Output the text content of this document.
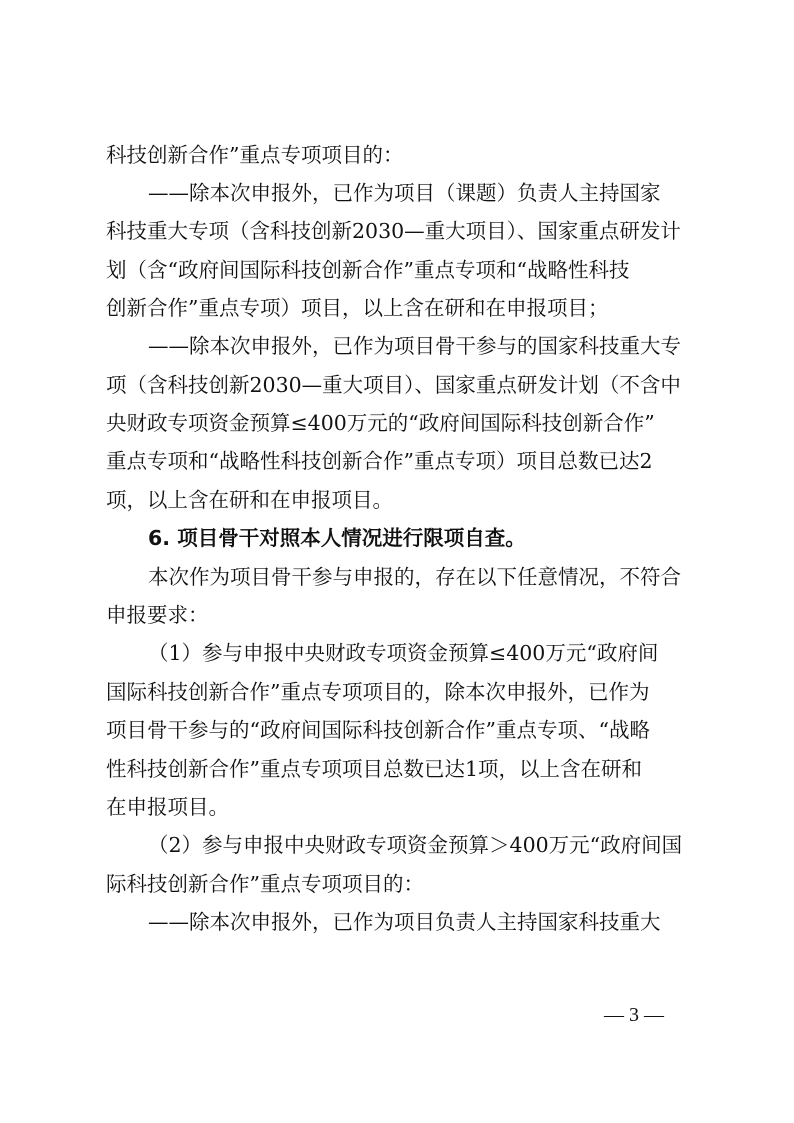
科技创新合作”重点专项项目的：
——除本次申报外，已作为项目（课题）负责人主持国家
科技重大专项（含科技创新2030—重大项目）、国家重点研发计
划（含“政府间国际科技创新合作”重点专项和“战略性科技
创新合作”重点专项）项目，以上含在研和在申报项目；
——除本次申报外，已作为项目骨干参与的国家科技重大专
项（含科技创新2030—重大项目）、国家重点研发计划（不含中
央财政专项资金预算≤400万元的“政府间国际科技创新合作”
重点专项和“战略性科技创新合作”重点专项）项目总数已达2
项，以上含在研和在申报项目。
6. 项目骨干对照本人情况进行限项自查。
本次作为项目骨干参与申报的，存在以下任意情况，不符合
申报要求：
（1）参与申报中央财政专项资金预算≤400万元“政府间
国际科技创新合作”重点专项项目的，除本次申报外，已作为
项目骨干参与的“政府间国际科技创新合作”重点专项、“战略
性科技创新合作”重点专项项目总数已达1项，以上含在研和
在申报项目。
（2）参与申报中央财政专项资金预算＞400万元“政府间国
际科技创新合作”重点专项项目的：
——除本次申报外，已作为项目负责人主持国家科技重大
— 3 —
